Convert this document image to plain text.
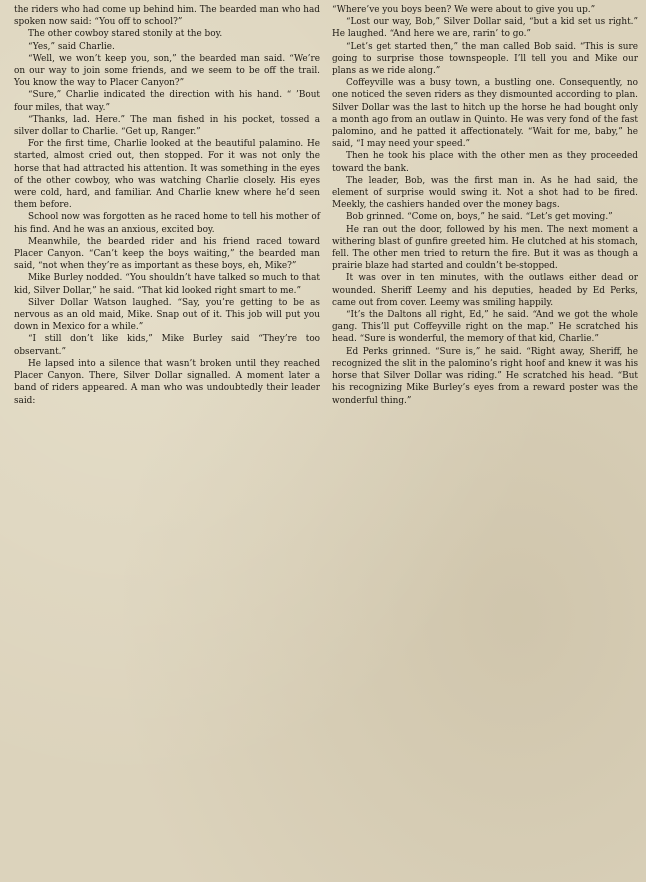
the riders who had come up behind him. The bearded man who had spoken now said: “You off to school?”

The other cowboy stared stonily at the boy.

“Yes,” said Charlie.

“Well, we won’t keep you, son,” the bearded man said. “We’re on our way to join some friends, and we seem to be off the trail. You know the way to Placer Canyon?”

“Sure,” Charlie indicated the direction with his hand. “ ’Bout four miles, that way.”

“Thanks, lad. Here.” The man fished in his pocket, tossed a silver dollar to Charlie. “Get up, Ranger.”

For the first time, Charlie looked at the beautiful palamino. He started, almost cried out, then stopped. For it was not only the horse that had attracted his attention. It was something in the eyes of the other cowboy, who was watching Charlie closely. His eyes were cold, hard, and familiar. And Charlie knew where he’d seen them before.

School now was forgotten as he raced home to tell his mother of his find. And he was an anxious, excited boy.

Meanwhile, the bearded rider and his friend raced toward Placer Canyon. “Can’t keep the boys waiting,” the bearded man said, “not when they’re as important as these boys, eh, Mike?”

Mike Burley nodded. “You shouldn’t have talked so much to that kid, Silver Dollar,” he said. “That kid looked right smart to me.”

Silver Dollar Watson laughed. “Say, you’re getting to be as nervous as an old maid, Mike. Snap out of it. This job will put you down in Mexico for a while.”

“I still don’t like kids,” Mike Burley said “They’re too observant.”

He lapsed into a silence that wasn’t broken until they reached Placer Canyon. There, Silver Dollar signalled. A moment later a band of riders appeared. A man who was undoubtedly their leader said:

“Where’ve you boys been? We were about to give you up.”

“Lost our way, Bob,” Silver Dollar said, “but a kid set us right.” He laughed. “And here we are, rarin’ to go.”

“Let’s get started then,” the man called Bob said. “This is sure going to surprise those townspeople. I’ll tell you and Mike our plans as we ride along.”

Coffeyville was a busy town, a bustling one. Consequently, no one noticed the seven riders as they dismounted according to plan. Silver Dollar was the last to hitch up the horse he had bought only a month ago from an outlaw in Quinto. He was very fond of the fast palomino, and he patted it affectionately. “Wait for me, baby,” he said, “I may need your speed.”

Then he took his place with the other men as they proceeded toward the bank.

The leader, Bob, was the first man in. As he had said, the element of surprise would swing it. Not a shot had to be fired. Meekly, the cashiers handed over the money bags.

Bob grinned. “Come on, boys,” he said. “Let’s get moving.”

He ran out the door, followed by his men. The next moment a withering blast of gunfire greeted him. He clutched at his stomach, fell. The other men tried to return the fire. But it was as though a prairie blaze had started and couldn’t be-stopped.

It was over in ten minutes, with the outlaws either dead or wounded. Sheriff Leemy and his deputies, headed by Ed Perks, came out from cover. Leemy was smiling happily.

“It’s the Daltons all right, Ed,” he said. “And we got the whole gang. This’ll put Coffeyville right on the map.” He scratched his head. “Sure is wonderful, the memory of that kid, Charlie.”

Ed Perks grinned. “Sure is,” he said. “Right away, Sheriff, he recognized the slit in the palomino’s right hoof and knew it was his horse that Silver Dollar was riding.” He scratched his head. “But his recognizing Mike Burley’s eyes from a reward poster was the wonderful thing.”
